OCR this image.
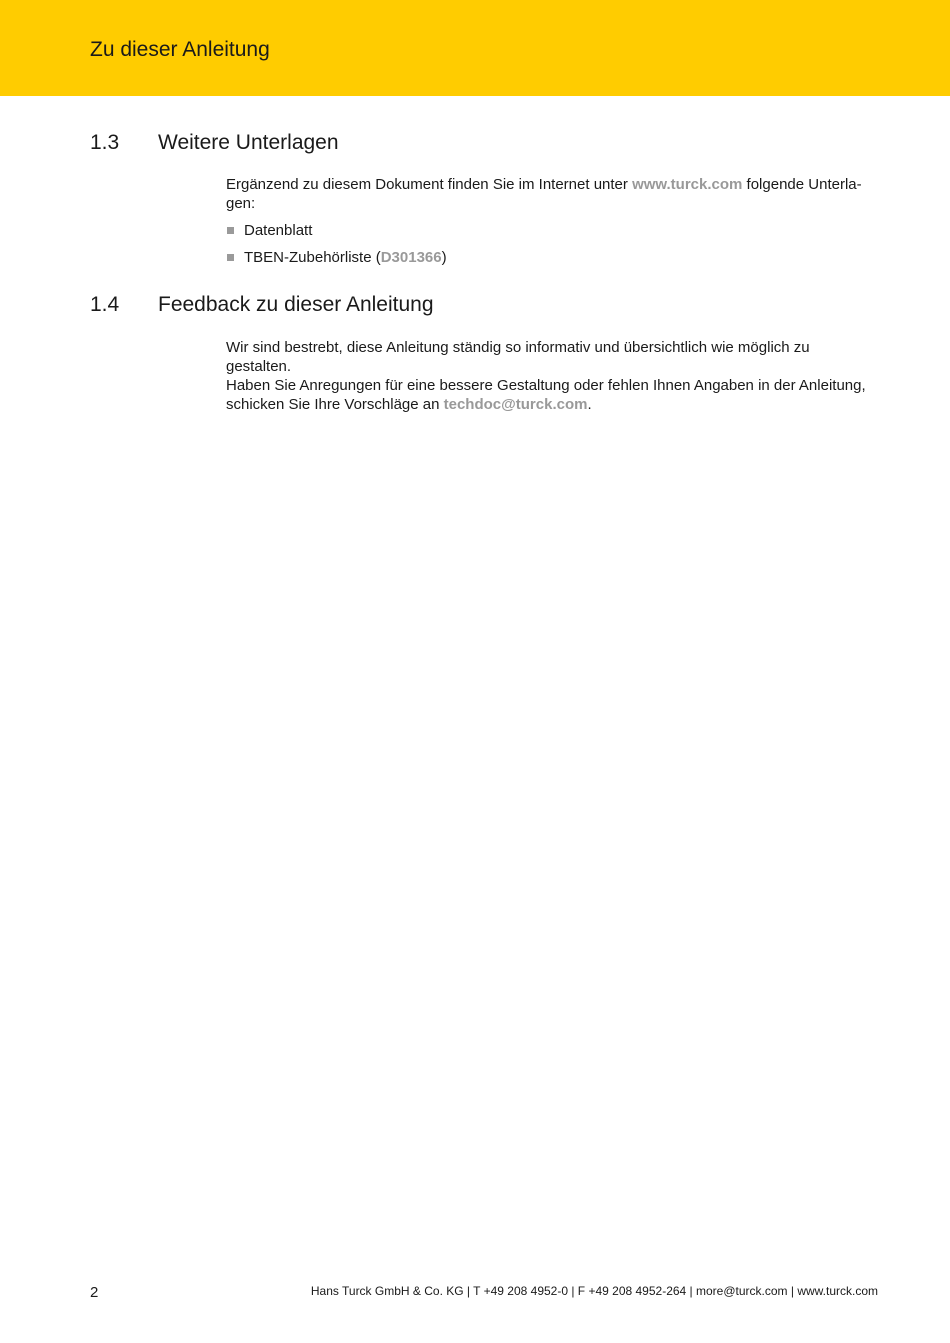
Zu dieser Anleitung
1.3 Weitere Unterlagen
Ergänzend zu diesem Dokument finden Sie im Internet unter www.turck.com folgende Unterla-
gen:
Datenblatt
TBEN-Zubehörliste (D301366)
1.4 Feedback zu dieser Anleitung
Wir sind bestrebt, diese Anleitung ständig so informativ und übersichtlich wie möglich zu gestalten.
Haben Sie Anregungen für eine bessere Gestaltung oder fehlen Ihnen Angaben in der Anleitung,
schicken Sie Ihre Vorschläge an techdoc@turck.com.
2	Hans Turck GmbH & Co. KG | T +49 208 4952-0 | F +49 208 4952-264 | more@turck.com | www.turck.com
